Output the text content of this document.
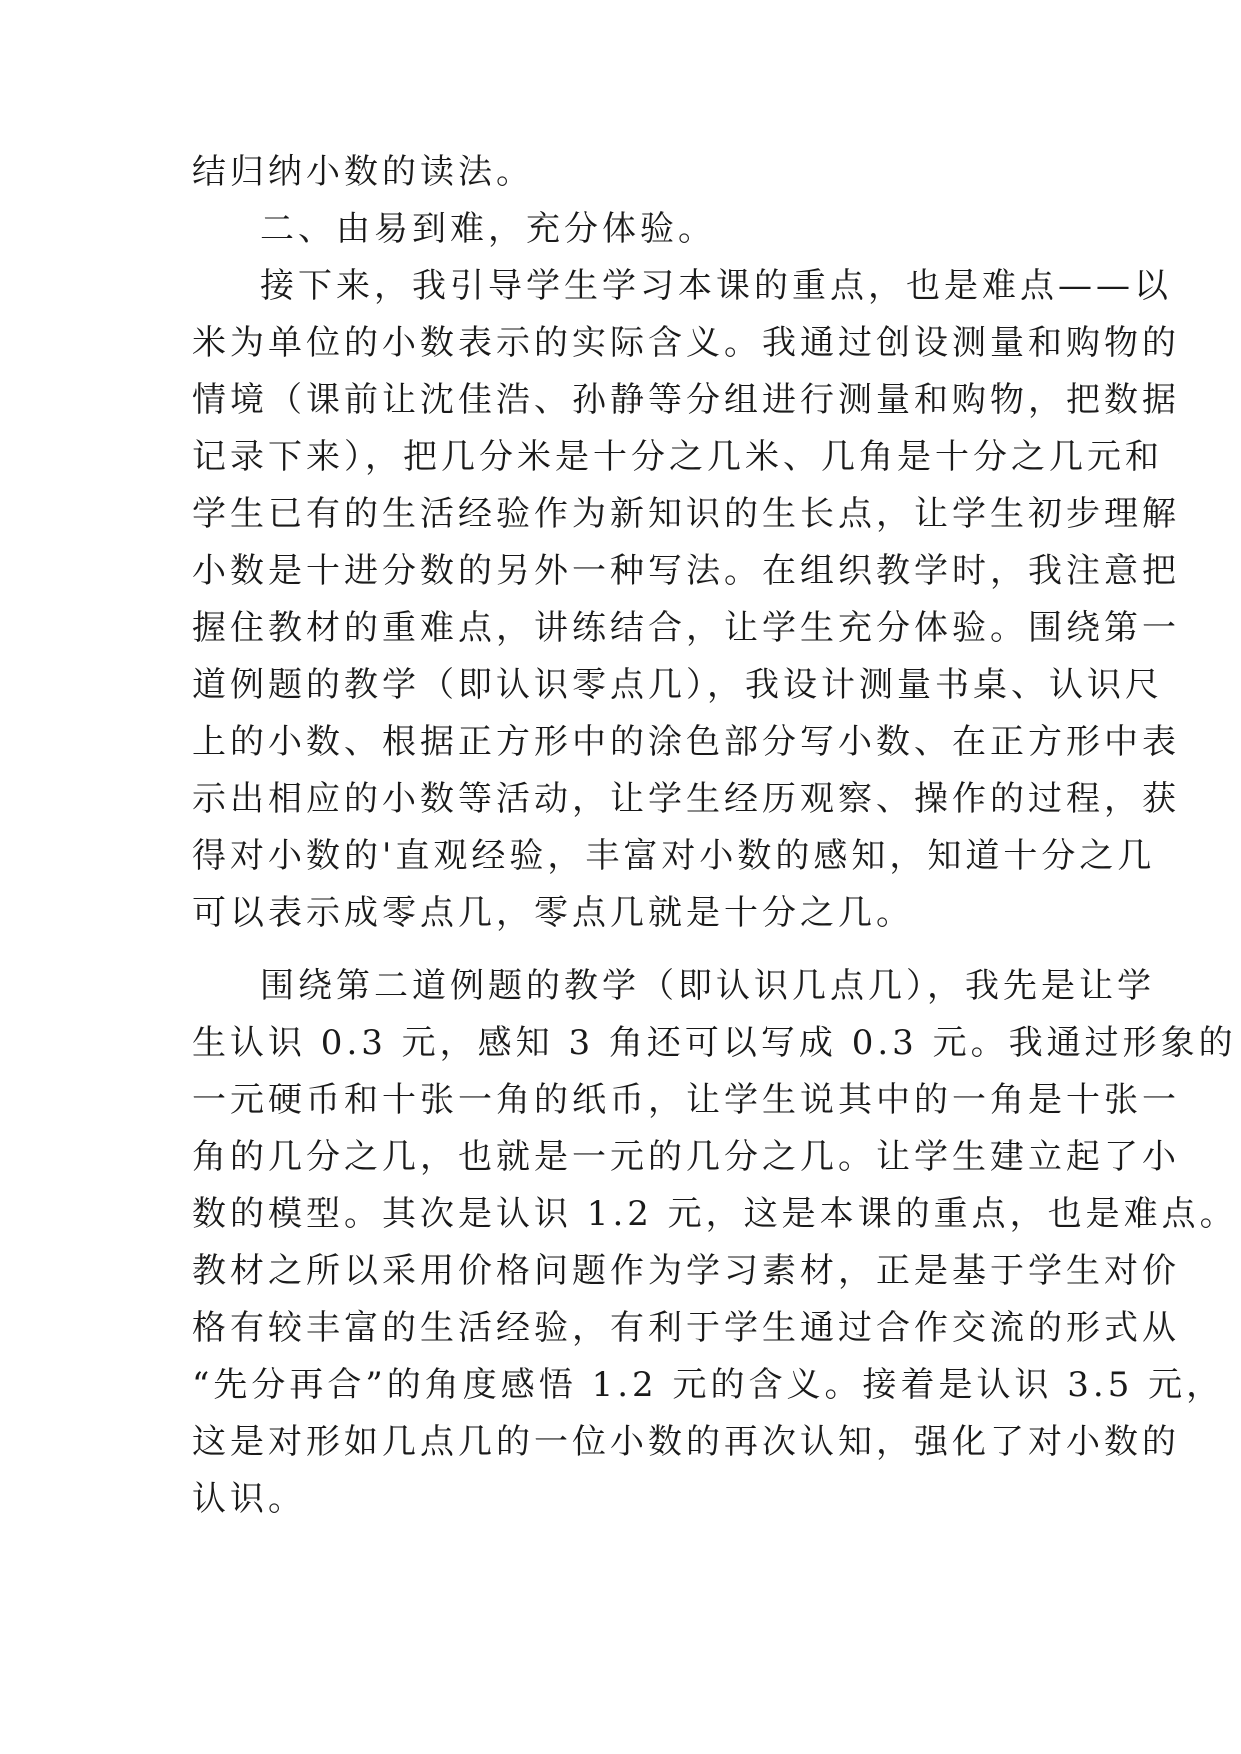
结归纳小数的读法。
二、由易到难，充分体验。
接下来，我引导学生学习本课的重点，也是难点——以
米为单位的小数表示的实际含义。我通过创设测量和购物的
情境（课前让沈佳浩、孙静等分组进行测量和购物，把数据
记录下来），把几分米是十分之几米、几角是十分之几元和
学生已有的生活经验作为新知识的生长点，让学生初步理解
小数是十进分数的另外一种写法。在组织教学时，我注意把
握住教材的重难点，讲练结合，让学生充分体验。围绕第一
道例题的教学（即认识零点几），我设计测量书桌、认识尺
上的小数、根据正方形中的涂色部分写小数、在正方形中表
示出相应的小数等活动，让学生经历观察、操作的过程，获
得对小数的'直观经验，丰富对小数的感知，知道十分之几
可以表示成零点几，零点几就是十分之几。
围绕第二道例题的教学（即认识几点几），我先是让学
生认识 0.3 元，感知 3 角还可以写成 0.3 元。我通过形象的
一元硬币和十张一角的纸币，让学生说其中的一角是十张一
角的几分之几，也就是一元的几分之几。让学生建立起了小
数的模型。其次是认识 1.2 元，这是本课的重点，也是难点。
教材之所以采用价格问题作为学习素材，正是基于学生对价
格有较丰富的生活经验，有利于学生通过合作交流的形式从
“先分再合”的角度感悟 1.2 元的含义。接着是认识 3.5 元，
这是对形如几点几的一位小数的再次认知，强化了对小数的
认识。
